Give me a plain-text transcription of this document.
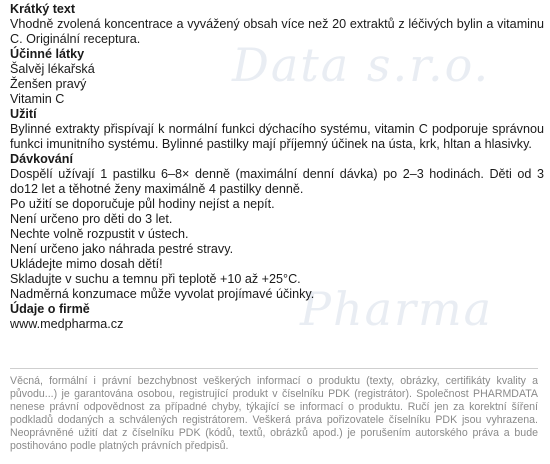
Data s.r.o.
Pharma
Krátký text

Vhodně zvolená koncentrace a vyvážený obsah více než 20 extraktů z léčivých bylin a vitaminu C. Originální receptura.

Účinné látky

Šalvěj lékařská

Ženšen pravý

Vitamin C

Užití

Bylinné extrakty přispívají k normální funkci dýchacího systému, vitamin C podporuje správnou funkci imunitního systému. Bylinné pastilky mají příjemný účinek na ústa, krk, hltan a hlasivky.

Dávkování

Dospělí užívají 1 pastilku 6–8× denně (maximální denní dávka) po 2–3 hodinách. Děti od 3 do12 let a těhotné ženy maximálně 4 pastilky denně.

Po užití se doporučuje půl hodiny nejíst a nepít.

Není určeno pro děti do 3 let.

Nechte volně rozpustit v ústech.

Není určeno jako náhrada pestré stravy.

Ukládejte mimo dosah dětí!

Skladujte v suchu a temnu při teplotě +10 až +25°C.

Nadměrná konzumace může vyvolat projímavé účinky.

Údaje o firmě

www.medpharma.cz

Věcná, formální i právní bezchybnost veškerých informací o produktu (texty, obrázky, certifikáty kvality a původu...) je garantována osobou, registrující produkt v číselníku PDK (registrátor). Společnost PHARMDATA nenese právní odpovědnost za případné chyby, týkající se informací o produktu. Ručí jen za korektní šíření podkladů dodaných a schválených registrátorem. Veškerá práva pořizovatele číselníku PDK jsou vyhrazena. Neoprávněné užití dat z číselníku PDK (kódů, textů, obrázků apod.) je porušením autorského práva a bude postihováno podle platných právních předpisů.
